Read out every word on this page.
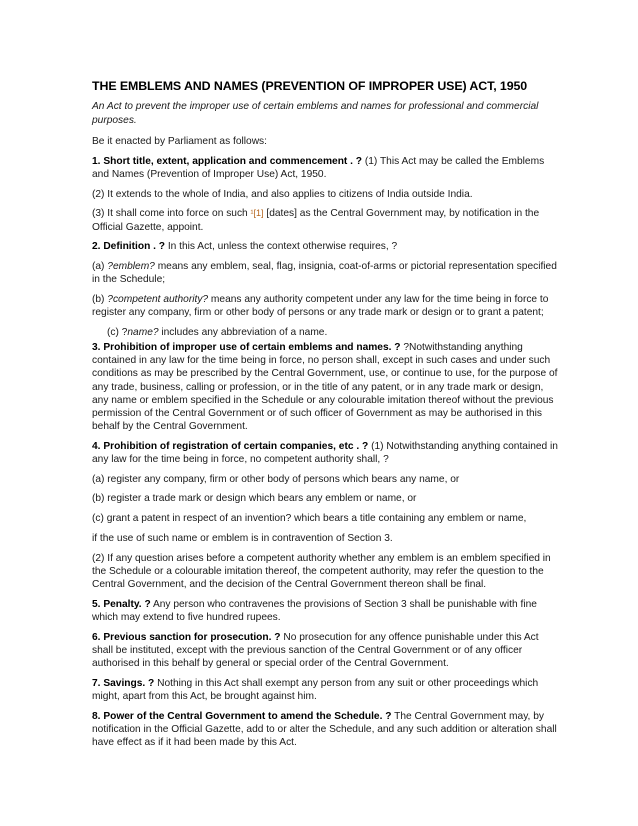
THE EMBLEMS AND NAMES (PREVENTION OF IMPROPER USE) ACT, 1950
An Act to prevent the improper use of certain emblems and names for professional and commercial purposes.

Be it enacted by Parliament as follows:

1. Short title, extent, application and commencement . ? (1) This Act may be called the Emblems and Names (Prevention of Improper Use) Act, 1950.

(2) It extends to the whole of India, and also applies to citizens of India outside India.

(3) It shall come into force on such ¹[1] [dates] as the Central Government may, by notification in the Official Gazette, appoint.

2. Definition . ? In this Act, unless the context otherwise requires, ?

(a) ?emblem? means any emblem, seal, flag, insignia, coat-of-arms or pictorial representation specified in the Schedule;

(b) ?competent authority? means any authority competent under any law for the time being in force to register any company, firm or other body of persons or any trade mark or design or to grant a patent;

(c) ?name? includes any abbreviation of a name.

3. Prohibition of improper use of certain emblems and names. ? ?Notwithstanding anything contained in any law for the time being in force, no person shall, except in such cases and under such conditions as may be prescribed by the Central Government, use, or continue to use, for the purpose of any trade, business, calling or profession, or in the title of any patent, or in any trade mark or design, any name or emblem specified in the Schedule or any colourable imitation thereof without the previous permission of the Central Government or of such officer of Government as may be authorised in this behalf by the Central Government.

4. Prohibition of registration of certain companies, etc . ? (1) Notwithstanding anything contained in any law for the time being in force, no competent authority shall, ?

(a) register any company, firm or other body of persons which bears any name, or

(b) register a trade mark or design which bears any emblem or name, or

(c) grant a patent in respect of an invention? which bears a title containing any emblem or name,

if the use of such name or emblem is in contravention of Section 3.

(2) If any question arises before a competent authority whether any emblem is an emblem specified in the Schedule or a colourable imitation thereof, the competent authority, may refer the question to the Central Government, and the decision of the Central Government thereon shall be final.

5. Penalty. ? Any person who contravenes the provisions of Section 3 shall be punishable with fine which may extend to five hundred rupees.

6. Previous sanction for prosecution. ? No prosecution for any offence punishable under this Act shall be instituted, except with the previous sanction of the Central Government or of any officer authorised in this behalf by general or special order of the Central Government.

7. Savings. ? Nothing in this Act shall exempt any person from any suit or other proceedings which might, apart from this Act, be brought against him.

8. Power of the Central Government to amend the Schedule. ? The Central Government may, by notification in the Official Gazette, add to or alter the Schedule, and any such addition or alteration shall have effect as if it had been made by this Act.
